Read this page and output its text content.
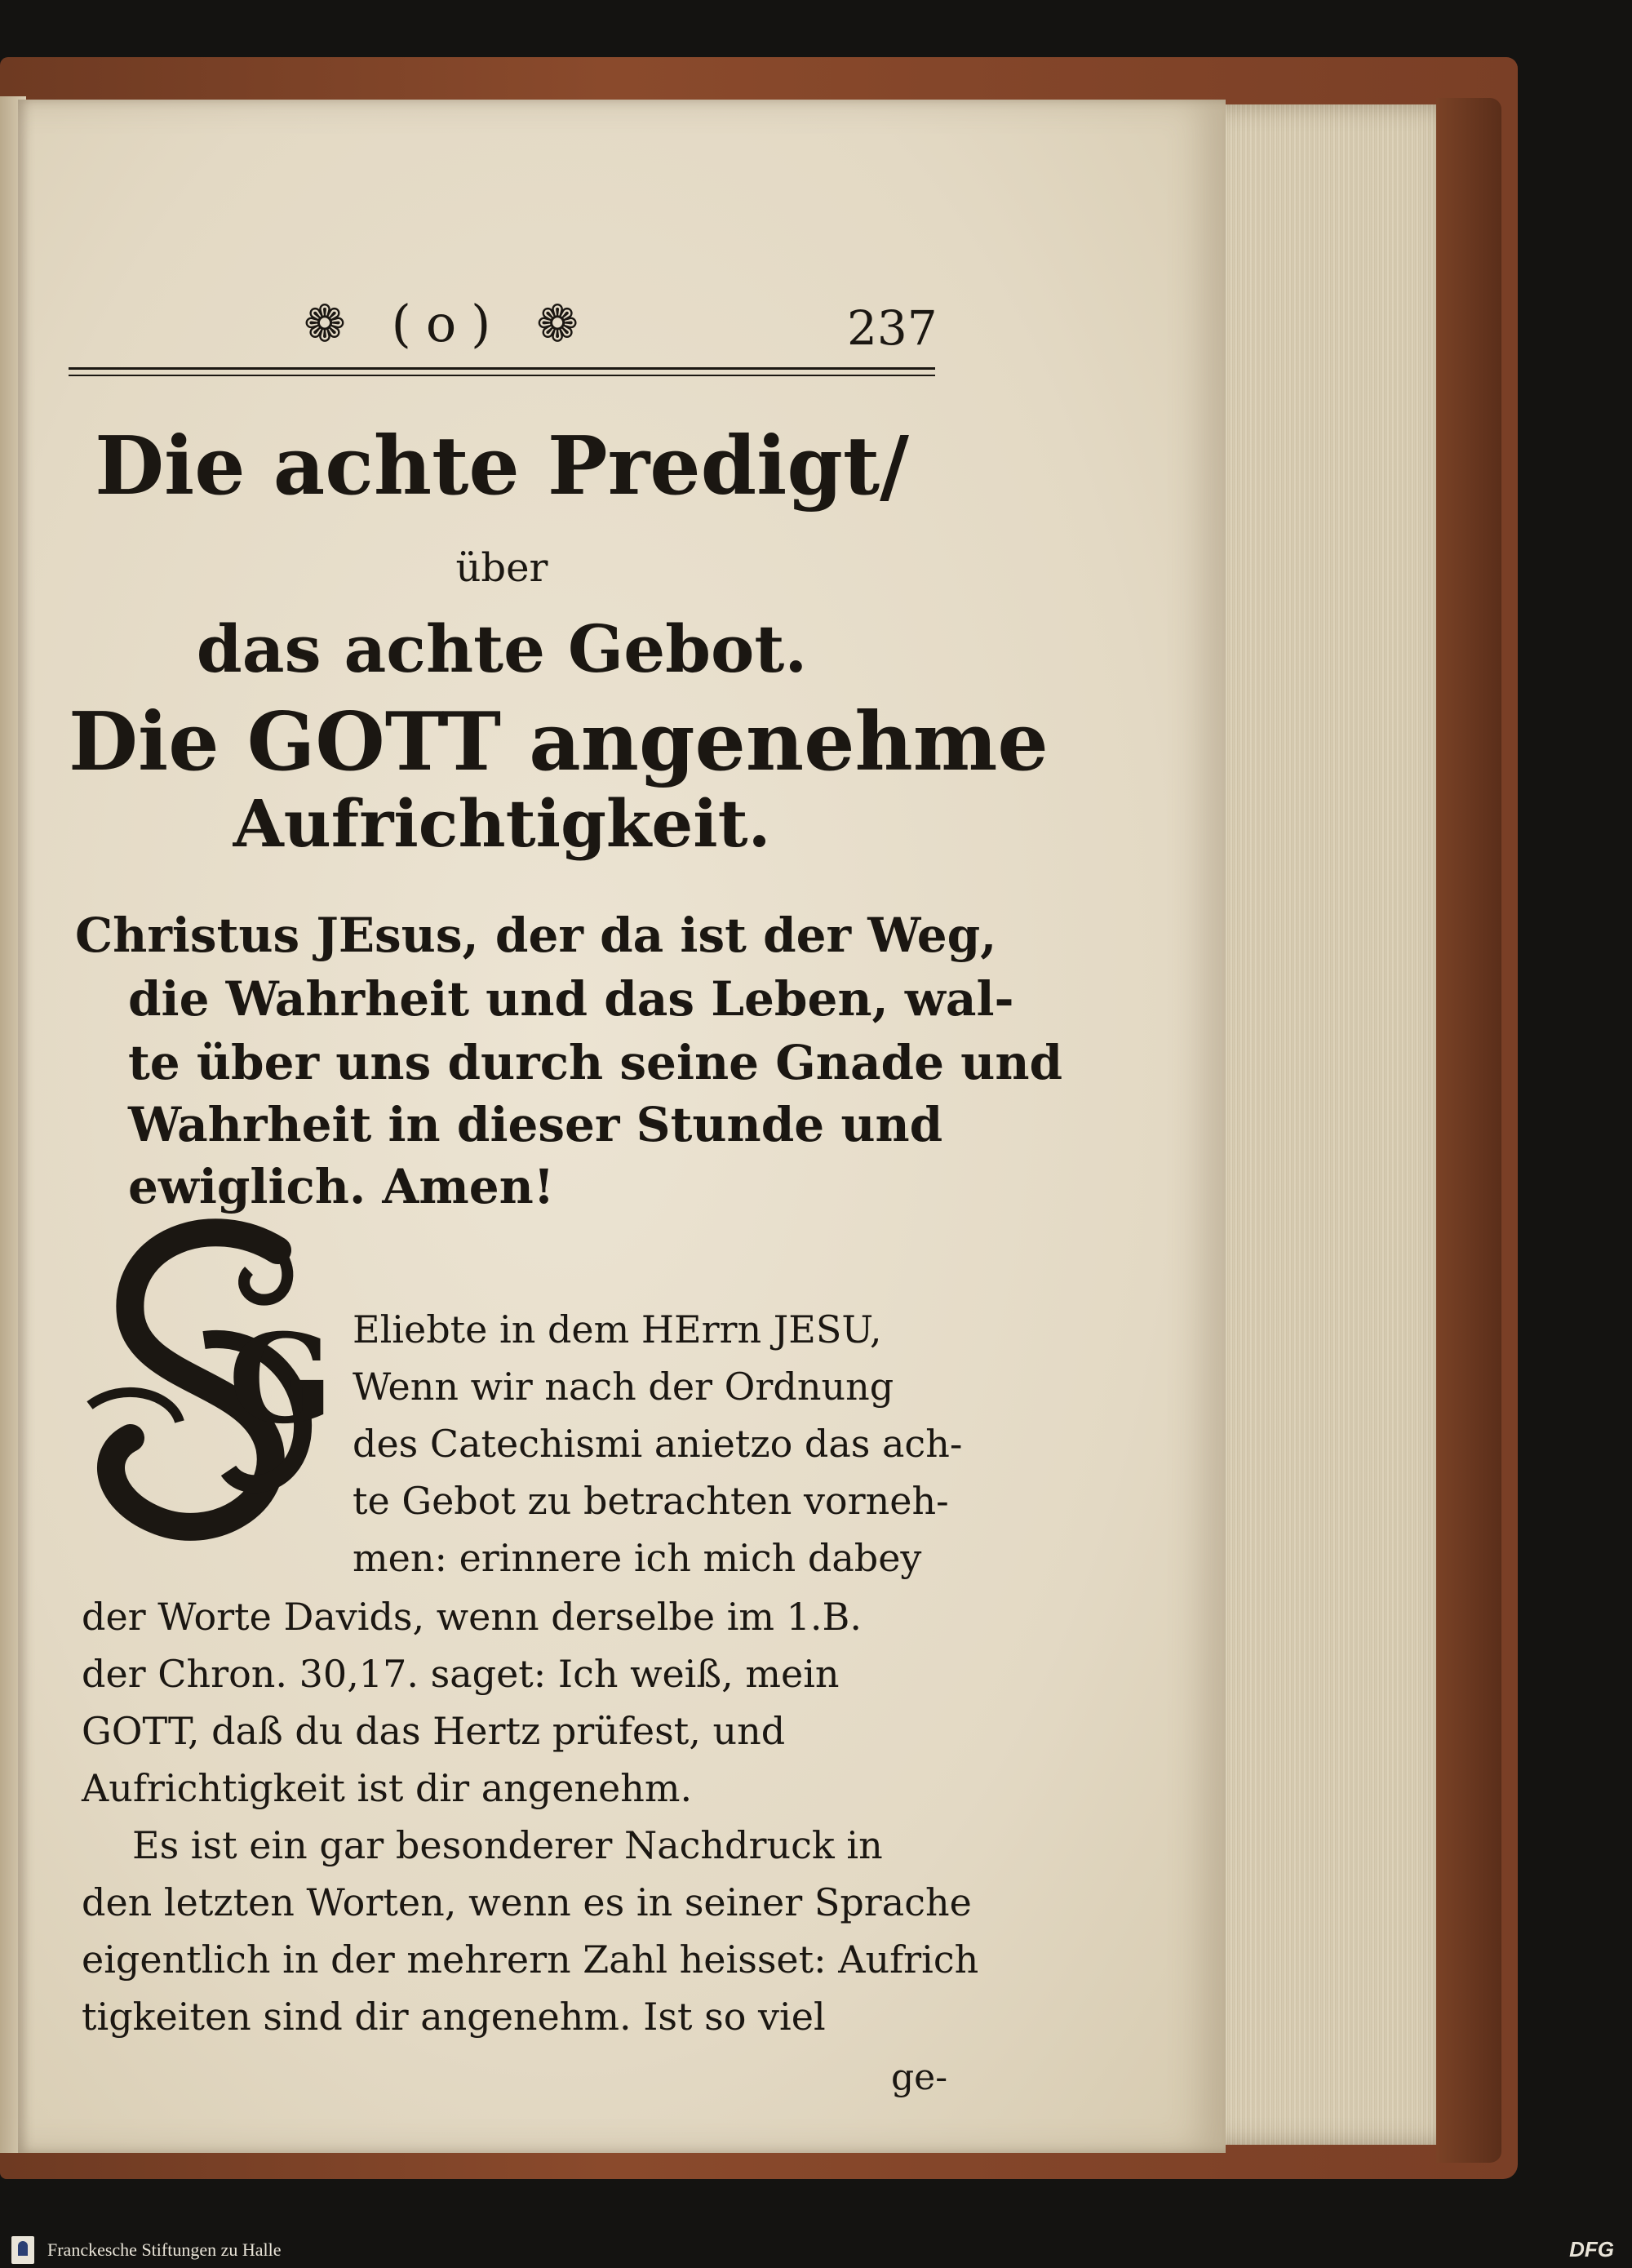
❁ (o) ❁	237
Die achte Predigt/
über
das achte Gebot.
Die GOTT angenehme
Aufrichtigkeit.
Christus JEsus, der da ist der Weg,
die Wahrheit und das Leben, wal-
te über uns durch seine Gnade und
Wahrheit in dieser Stunde und
ewiglich. Amen!
G Eliebte in dem HErrn JESU,
Wenn wir nach der Ordnung
des Catechismi anietzo das ach-
te Gebot zu betrachten vorneh-
men: erinnere ich mich dabey
der Worte Davids, wenn derselbe im 1.B.
der Chron. 30,17. saget: Ich weiß, mein
GOTT, daß du das Hertz prüfest, und
Aufrichtigkeit ist dir angenehm.
Es ist ein gar besonderer Nachdruck in
den letzten Worten, wenn es in seiner Sprache
eigentlich in der mehrern Zahl heisset: Aufrich
tigkeiten sind dir angenehm. Ist so viel
ge-
Franckesche Stiftungen zu Halle	DFG
